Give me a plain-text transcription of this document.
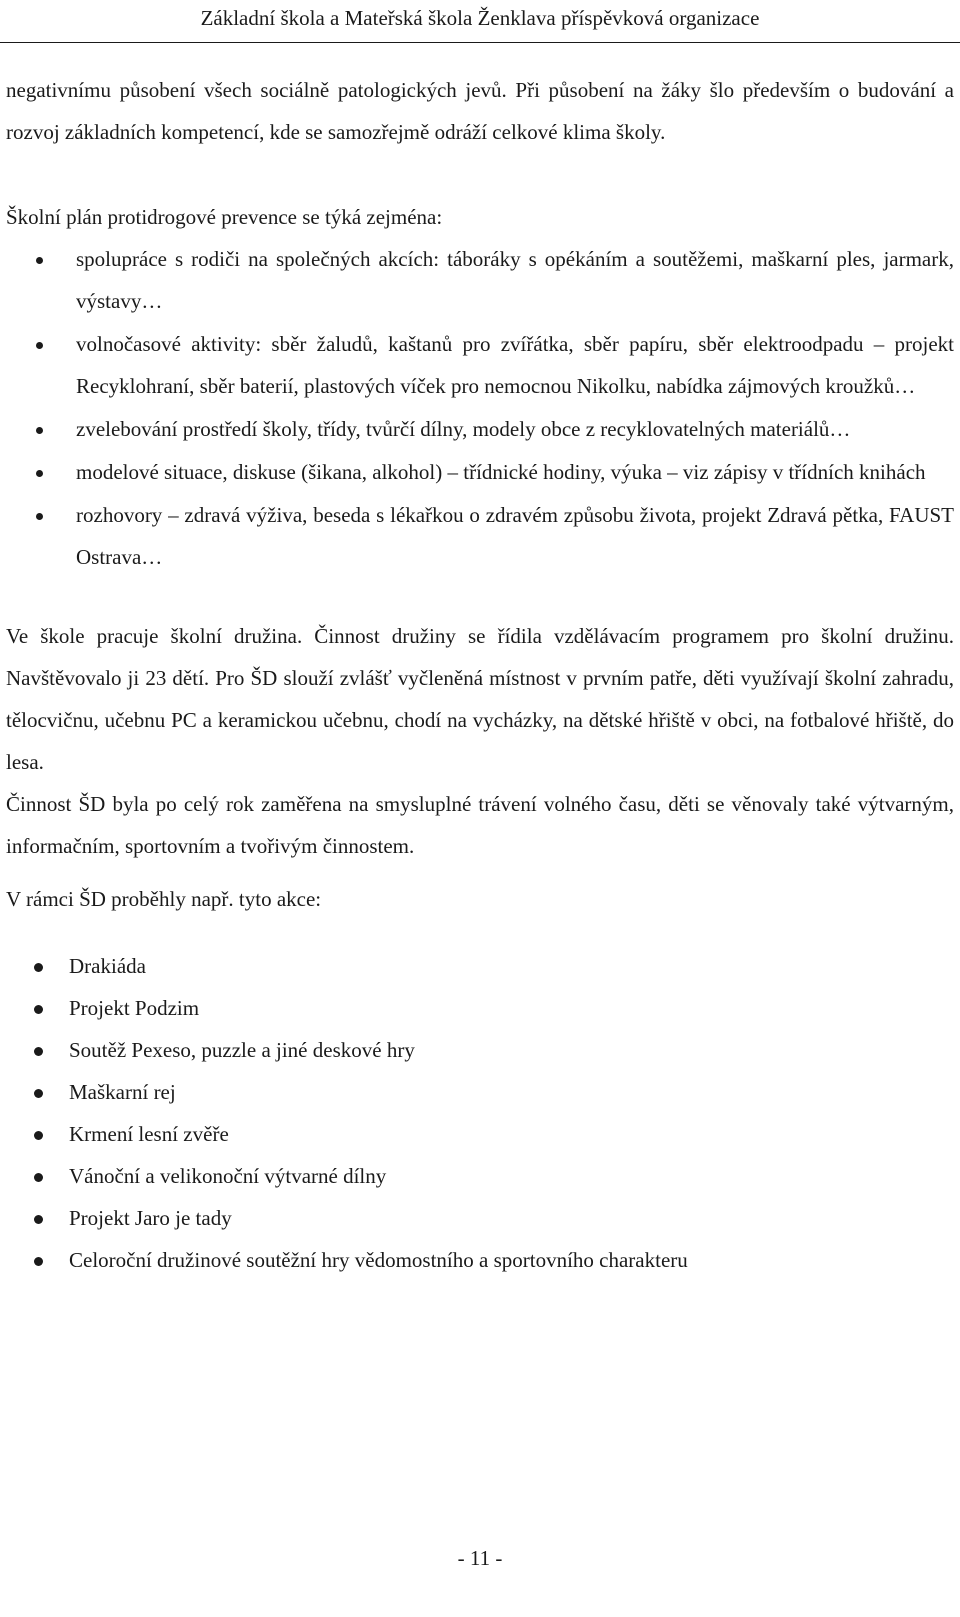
Základní škola a Mateřská škola Ženklava příspěvková organizace

negativnímu působení všech sociálně patologických jevů. Při působení na žáky šlo především o budování a rozvoj základních kompetencí, kde se samozřejmě odráží celkové klima školy.

Školní plán protidrogové prevence se týká zejména:

spolupráce s rodiči na společných akcích: táboráky s opékáním a soutěžemi, maškarní ples, jarmark, výstavy…
volnočasové aktivity: sběr žaludů, kaštanů pro zvířátka, sběr papíru, sběr elektroodpadu – projekt Recyklohraní, sběr baterií, plastových víček pro nemocnou Nikolku, nabídka zájmových kroužků…
zvelebování prostředí školy, třídy, tvůrčí dílny, modely obce z recyklovatelných materiálů…
modelové situace, diskuse (šikana, alkohol) – třídnické hodiny, výuka – viz zápisy v třídních knihách
rozhovory – zdravá výživa, beseda s lékařkou o zdravém způsobu života, projekt Zdravá pětka, FAUST Ostrava…

Ve škole pracuje školní družina. Činnost družiny se řídila vzdělávacím programem pro školní družinu. Navštěvovalo ji 23 dětí. Pro ŠD slouží zvlášť vyčleněná místnost v prvním patře, děti využívají školní zahradu, tělocvičnu, učebnu PC a keramickou učebnu, chodí na vycházky, na dětské hřiště v obci, na fotbalové hřiště, do lesa.

Činnost ŠD byla po celý rok zaměřena na smysluplné trávení volného času, děti se věnovaly také výtvarným, informačním, sportovním a tvořivým činnostem.

V rámci ŠD proběhly např. tyto akce:

Drakiáda
Projekt Podzim
Soutěž Pexeso, puzzle a jiné deskové hry
Maškarní rej
Krmení lesní zvěře
Vánoční a velikonoční výtvarné dílny
Projekt Jaro je tady
Celoroční družinové soutěžní hry vědomostního a sportovního charakteru
- 11 -
